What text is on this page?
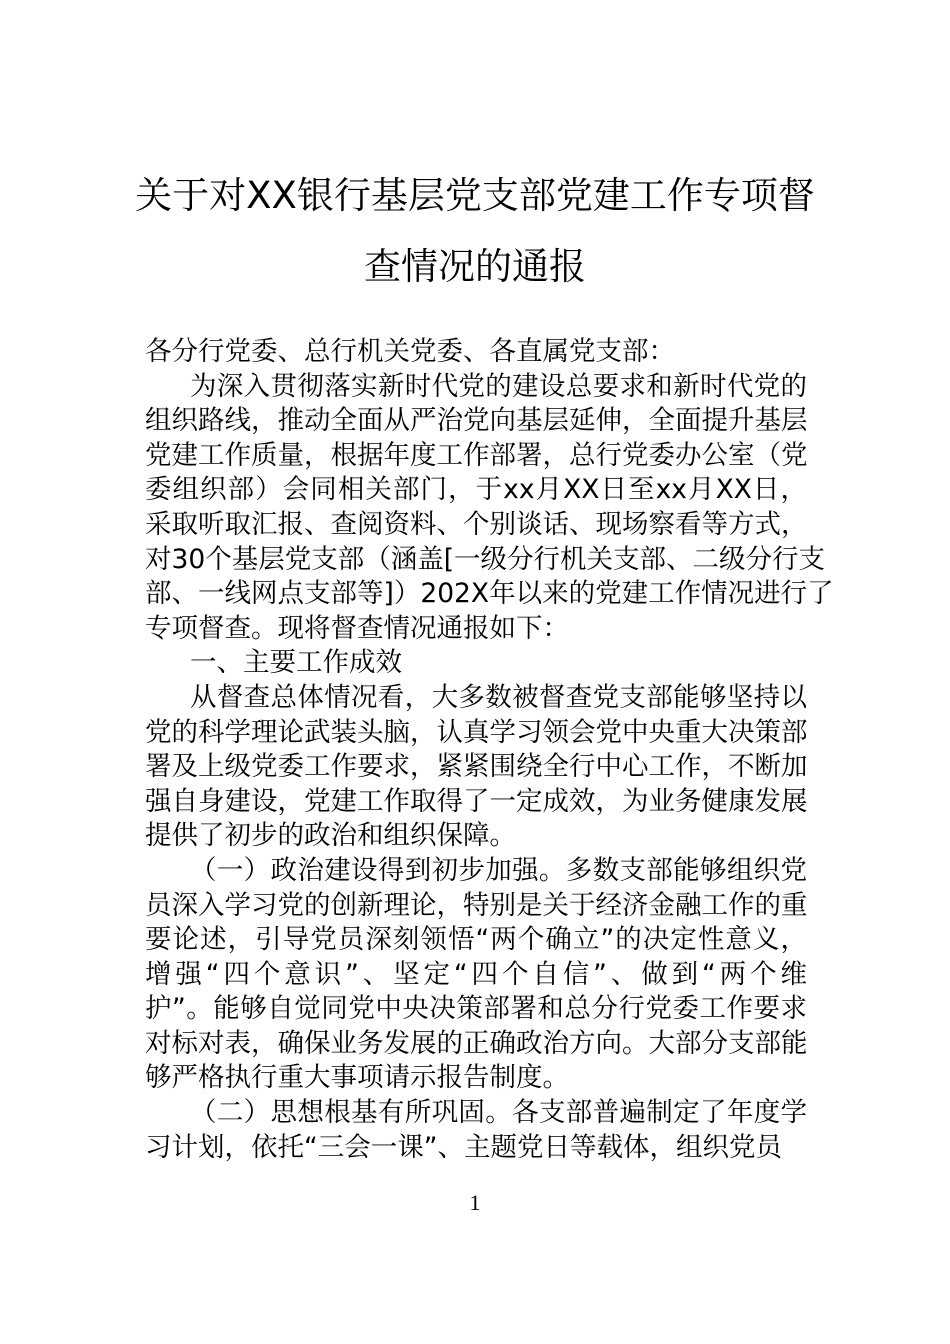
关于对XX银行基层党支部党建工作专项督
查情况的通报
各分行党委、总行机关党委、各直属党支部：
为深入贯彻落实新时代党的建设总要求和新时代党的
组织路线，推动全面从严治党向基层延伸，全面提升基层
党建工作质量，根据年度工作部署，总行党委办公室（党
委组织部）会同相关部门，于xx月XX日至xx月XX日，
采取听取汇报、查阅资料、个别谈话、现场察看等方式，
对30个基层党支部（涵盖[一级分行机关支部、二级分行支
部、一线网点支部等]）202X年以来的党建工作情况进行了
专项督查。现将督查情况通报如下：
一、主要工作成效
从督查总体情况看，大多数被督查党支部能够坚持以
党的科学理论武装头脑，认真学习领会党中央重大决策部
署及上级党委工作要求，紧紧围绕全行中心工作，不断加
强自身建设，党建工作取得了一定成效，为业务健康发展
提供了初步的政治和组织保障。
（一）政治建设得到初步加强。多数支部能够组织党
员深入学习党的创新理论，特别是关于经济金融工作的重
要论述，引导党员深刻领悟“两个确立”的决定性意义，
增强“四个意识”、坚定“四个自信”、做到“两个维
护”。能够自觉同党中央决策部署和总分行党委工作要求
对标对表，确保业务发展的正确政治方向。大部分支部能
够严格执行重大事项请示报告制度。
（二）思想根基有所巩固。各支部普遍制定了年度学
习计划，依托“三会一课”、主题党日等载体，组织党员
1
